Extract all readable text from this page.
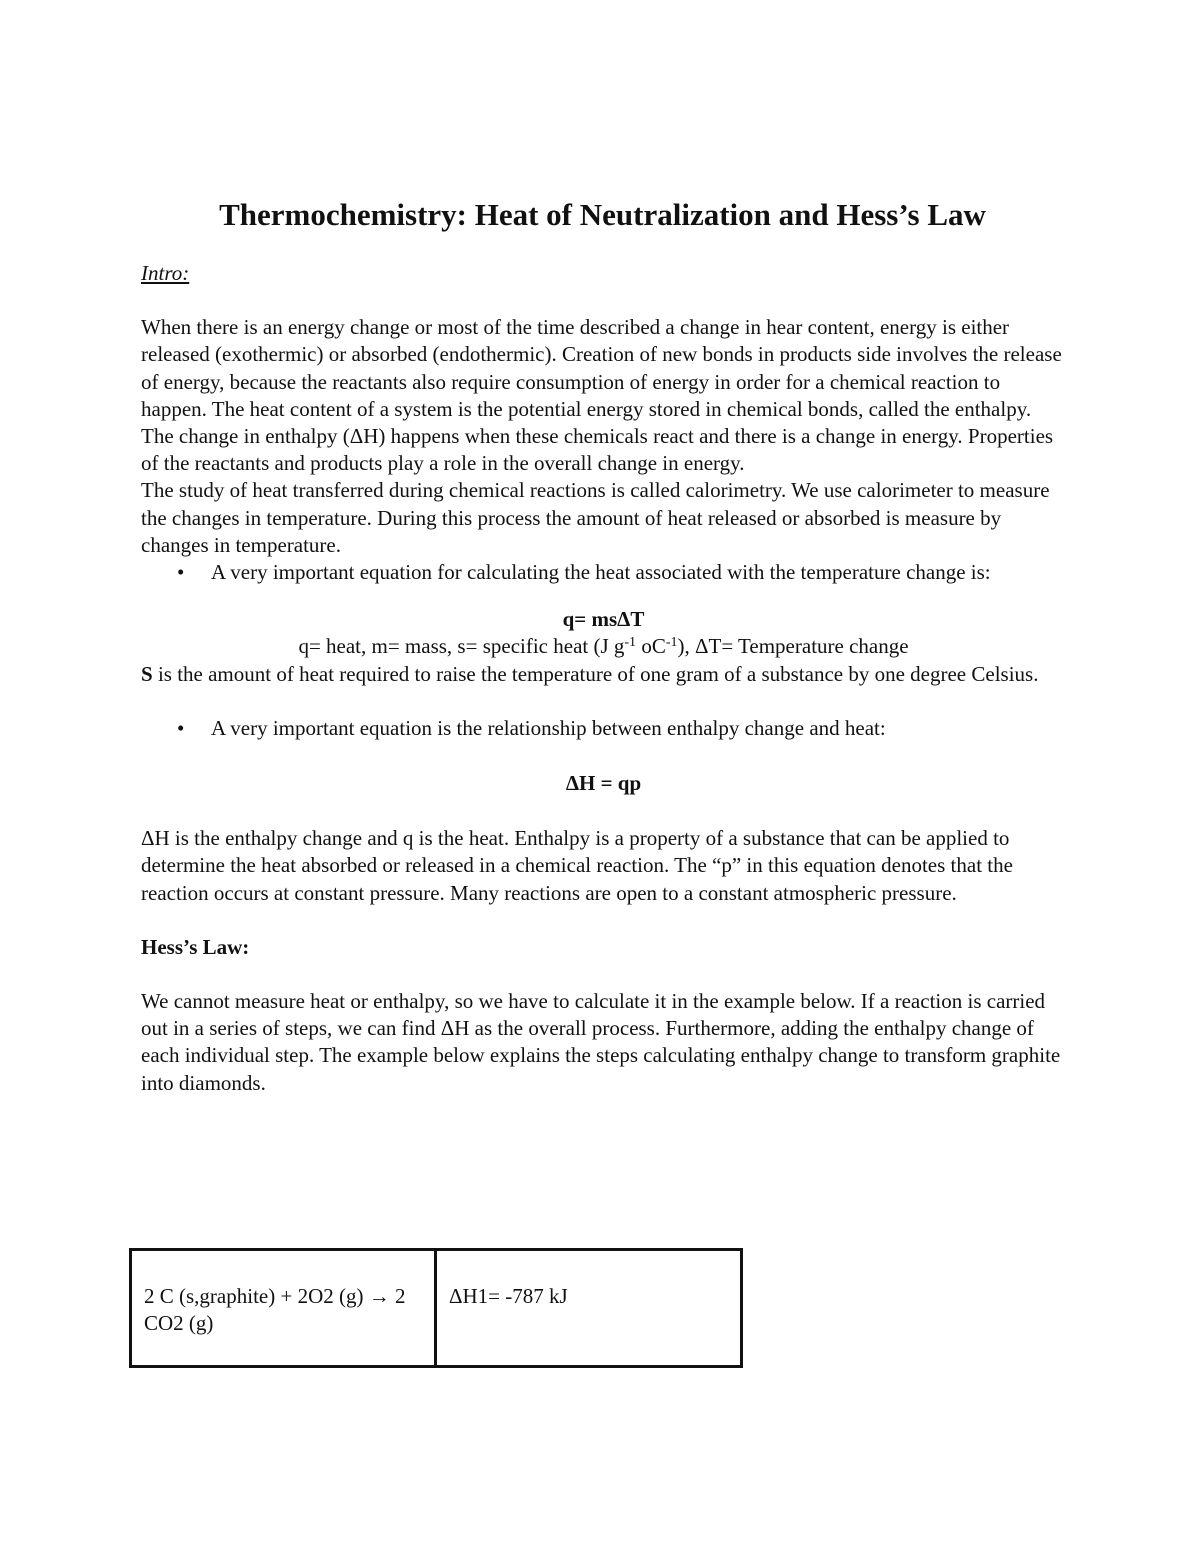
Thermochemistry: Heat of Neutralization and Hess’s Law
Intro:

When there is an energy change or most of the time described a change in hear content, energy is either released (exothermic) or absorbed (endothermic). Creation of new bonds in products side involves the release of energy, because the reactants also require consumption of energy in order for a chemical reaction to happen. The heat content of a system is the potential energy stored in chemical bonds, called the enthalpy. The change in enthalpy (ΔH) happens when these chemicals react and there is a change in energy. Properties of the reactants and products play a role in the overall change in energy.

The study of heat transferred during chemical reactions is called calorimetry. We use calorimeter to measure the changes in temperature. During this process the amount of heat released or absorbed is measure by changes in temperature.

• A very important equation for calculating the heat associated with the temperature change is:
q= msΔT
q= heat, m= mass, s= specific heat (J $g^{-1}$ $oC^{-1}$), ΔT= Temperature change

S is the amount of heat required to raise the temperature of one gram of a substance by one degree Celsius.

• A very important equation is the relationship between enthalpy change and heat:
ΔH = qp

ΔH is the enthalpy change and q is the heat. Enthalpy is a property of a substance that can be applied to determine the heat absorbed or released in a chemical reaction. The “p” in this equation denotes that the reaction occurs at constant pressure. Many reactions are open to a constant atmospheric pressure.

Hess’s Law:

We cannot measure heat or enthalpy, so we have to calculate it in the example below. If a reaction is carried out in a series of steps, we can find ΔH as the overall process. Furthermore, adding the enthalpy change of each individual step. The example below explains the steps calculating enthalpy change to transform graphite into diamonds.

2 C (s,graphite) + 2O2 (g) → 2 CO2 (g)	ΔH1= -787 kJ
